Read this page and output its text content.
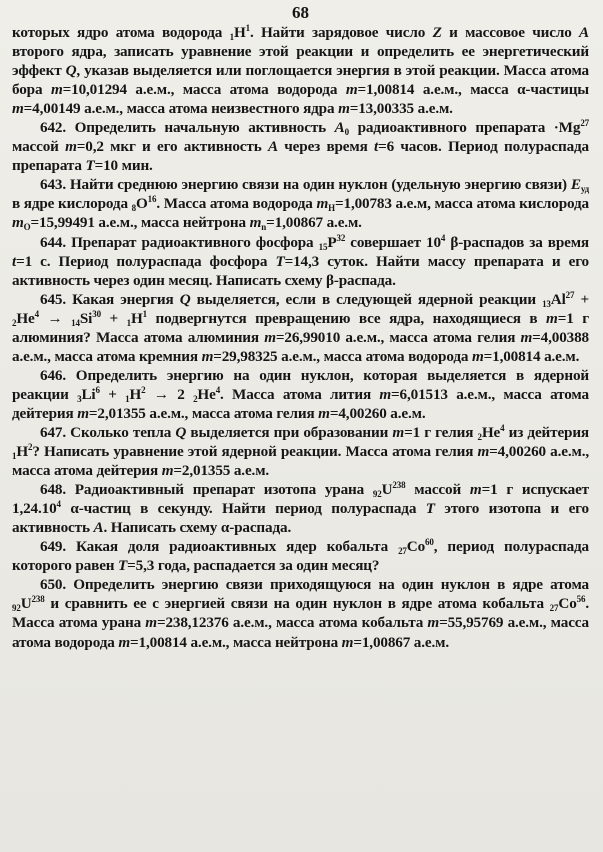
68

которых ядро атома водорода $_1H^1$. Найти зарядовое число Z и массовое число A второго ядра, записать уравнение этой реакции и определить ее энергетический эффект Q, указав выделяется или поглощается энергия в этой реакции. Масса атома бора m=10,01294 а.е.м., масса атома водорода m=1,00814 а.е.м., масса α-частицы m=4,00149 а.е.м., масса атома неизвестного ядра m=13,00335 а.е.м.

642. Определить начальную активность $A_0$ радиоактивного препарата $\cdot Mg^{27}$ массой m=0,2 мкг и его активность A через время t=6 часов. Период полураспада препарата T=10 мин.

643. Найти среднюю энергию связи на один нуклон (удельную энергию связи) $E_{уд}$ в ядре кислорода $_8O^{16}$. Масса атома водорода $m_H=1,00783$ а.е.м, масса атома кислорода $m_O=15,99491$ а.е.м., масса нейтрона $m_n=1,00867$ а.е.м.

644. Препарат радиоактивного фосфора $_{15}P^{32}$ совершает $10^4$ β-распадов за время t=1 с. Период полураспада фосфора T=14,3 суток. Найти массу препарата и его активность через один месяц. Написать схему β-распада.

645. Какая энергия Q выделяется, если в следующей ядерной реакции $_{13}Al^{27} + _2He^4 \to _{14}Si^{30} + _1H^1$ подвергнутся превращению все ядра, находящиеся в m=1 г алюминия? Масса атома алюминия m=26,99010 а.е.м., масса атома гелия m=4,00388 а.е.м., масса атома кремния m=29,98325 а.е.м., масса атома водорода m=1,00814 а.е.м.

646. Определить энергию на один нуклон, которая выделяется в ядерной реакции $_3Li^6 + _1H^2 \to 2$ $_2He^4$. Масса атома лития m=6,01513 а.е.м., масса атома дейтерия m=2,01355 а.е.м., масса атома гелия m=4,00260 а.е.м.

647. Сколько тепла Q выделяется при образовании m=1 г гелия $_2He^4$ из дейтерия $_1H^2$? Написать уравнение этой ядерной реакции. Масса атома гелия m=4,00260 а.е.м., масса атома дейтерия m=2,01355 а.е.м.

648. Радиоактивный препарат изотопа урана $_{92}U^{238}$ массой m=1 г испускает 1,24.10$^4$ α-частиц в секунду. Найти период полураспада T этого изотопа и его активность A. Написать схему α-распада.

649. Какая доля радиоактивных ядер кобальта $_{27}Co^{60}$, период полураспада которого равен T=5,3 года, распадается за один месяц?

650. Определить энергию связи приходящуюся на один нуклон в ядре атома $_{92}U^{238}$ и сравнить ее с энергией связи на один нуклон в ядре атома кобальта $_{27}Co^{56}$. Масса атома урана m=238,12376 а.е.м., масса атома кобальта m=55,95769 а.е.м., масса атома водорода m=1,00814 а.е.м., масса нейтрона m=1,00867 а.е.м.
